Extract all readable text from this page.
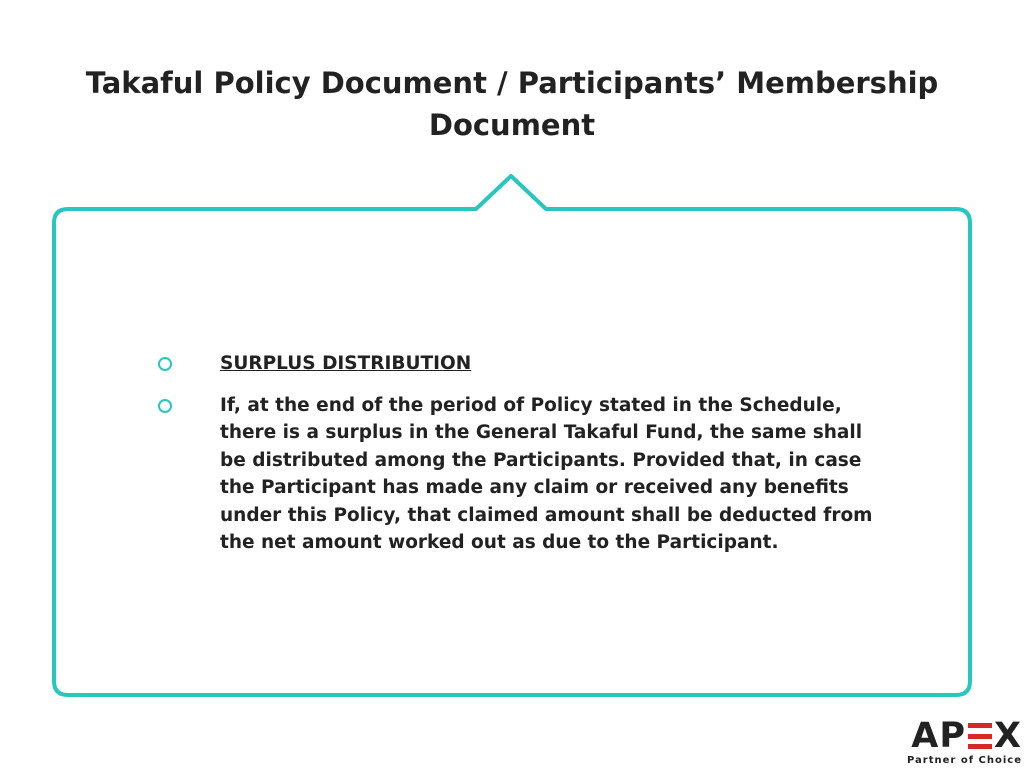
Takaful Policy Document / Participants’ Membership
Document
SURPLUS DISTRIBUTION
If, at the end of the period of Policy stated in the Schedule, there is a surplus in the General Takaful Fund, the same shall be distributed among the Participants. Provided that, in case the Participant has made any claim or received any benefits under this Policy, that claimed amount shall be deducted from the net amount worked out as due to the Participant.
AP X
Partner of Choice
